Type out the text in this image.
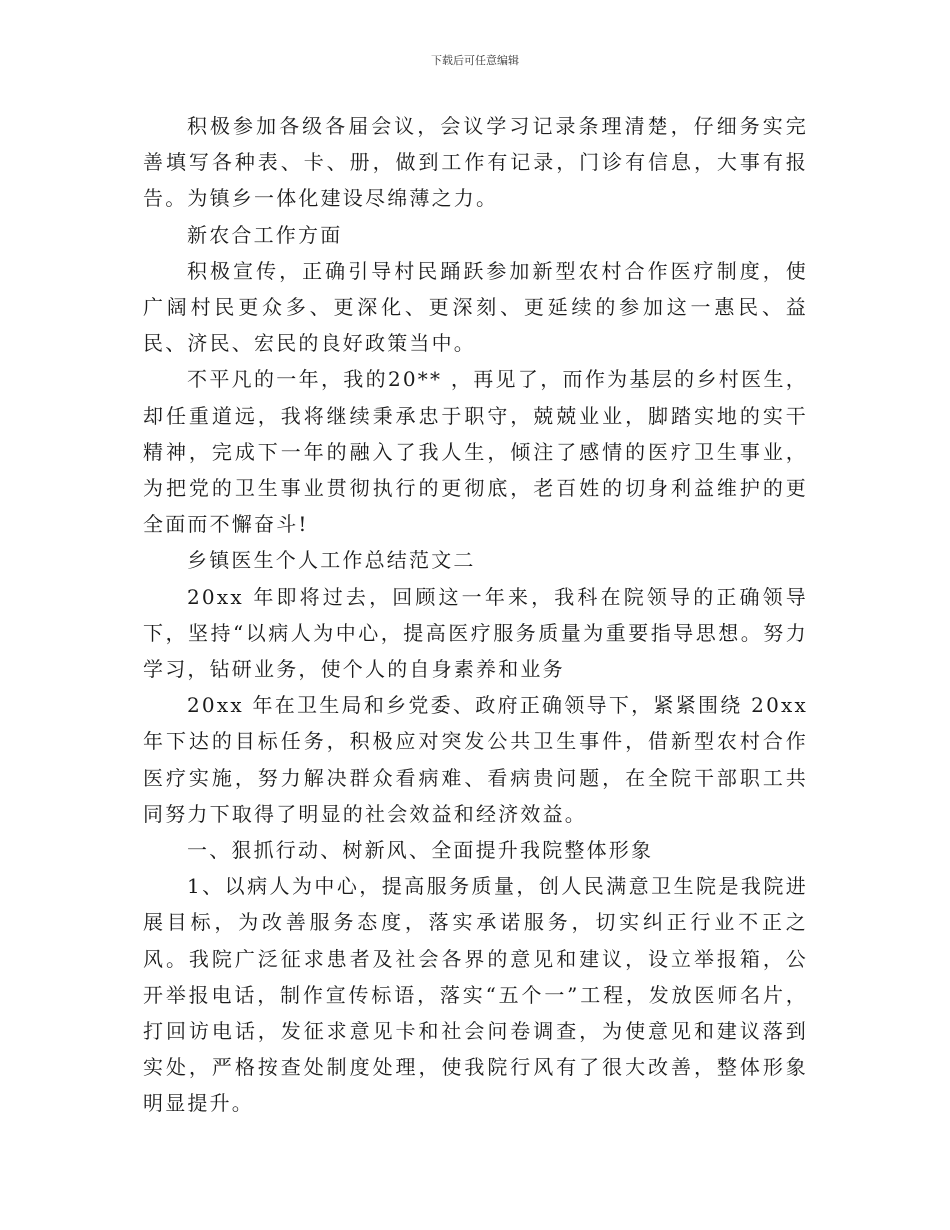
下载后可任意编辑

积极参加各级各届会议，会议学习记录条理清楚，仔细务实完善填写各种表、卡、册，做到工作有记录，门诊有信息，大事有报告。为镇乡一体化建设尽绵薄之力。

新农合工作方面

积极宣传，正确引导村民踊跃参加新型农村合作医疗制度，使广阔村民更众多、更深化、更深刻、更延续的参加这一惠民、益民、济民、宏民的良好政策当中。

不平凡的一年，我的20** ，再见了，而作为基层的乡村医生，却任重道远，我将继续秉承忠于职守，兢兢业业，脚踏实地的实干精神，完成下一年的融入了我人生，倾注了感情的医疗卫生事业，为把党的卫生事业贯彻执行的更彻底，老百姓的切身利益维护的更全面而不懈奋斗!

乡镇医生个人工作总结范文二

20xx 年即将过去，回顾这一年来，我科在院领导的正确领导下，坚持“以病人为中心，提高医疗服务质量为重要指导思想。努力学习，钻研业务，使个人的自身素养和业务

20xx 年在卫生局和乡党委、政府正确领导下，紧紧围绕 20xx 年下达的目标任务，积极应对突发公共卫生事件，借新型农村合作医疗实施，努力解决群众看病难、看病贵问题，在全院干部职工共同努力下取得了明显的社会效益和经济效益。

一、狠抓行动、树新风、全面提升我院整体形象

1、以病人为中心，提高服务质量，创人民满意卫生院是我院进展目标，为改善服务态度，落实承诺服务，切实纠正行业不正之风。我院广泛征求患者及社会各界的意见和建议，设立举报箱，公开举报电话，制作宣传标语，落实“五个一”工程，发放医师名片，打回访电话，发征求意见卡和社会问卷调查，为使意见和建议落到实处，严格按查处制度处理，使我院行风有了很大改善，整体形象明显提升。
